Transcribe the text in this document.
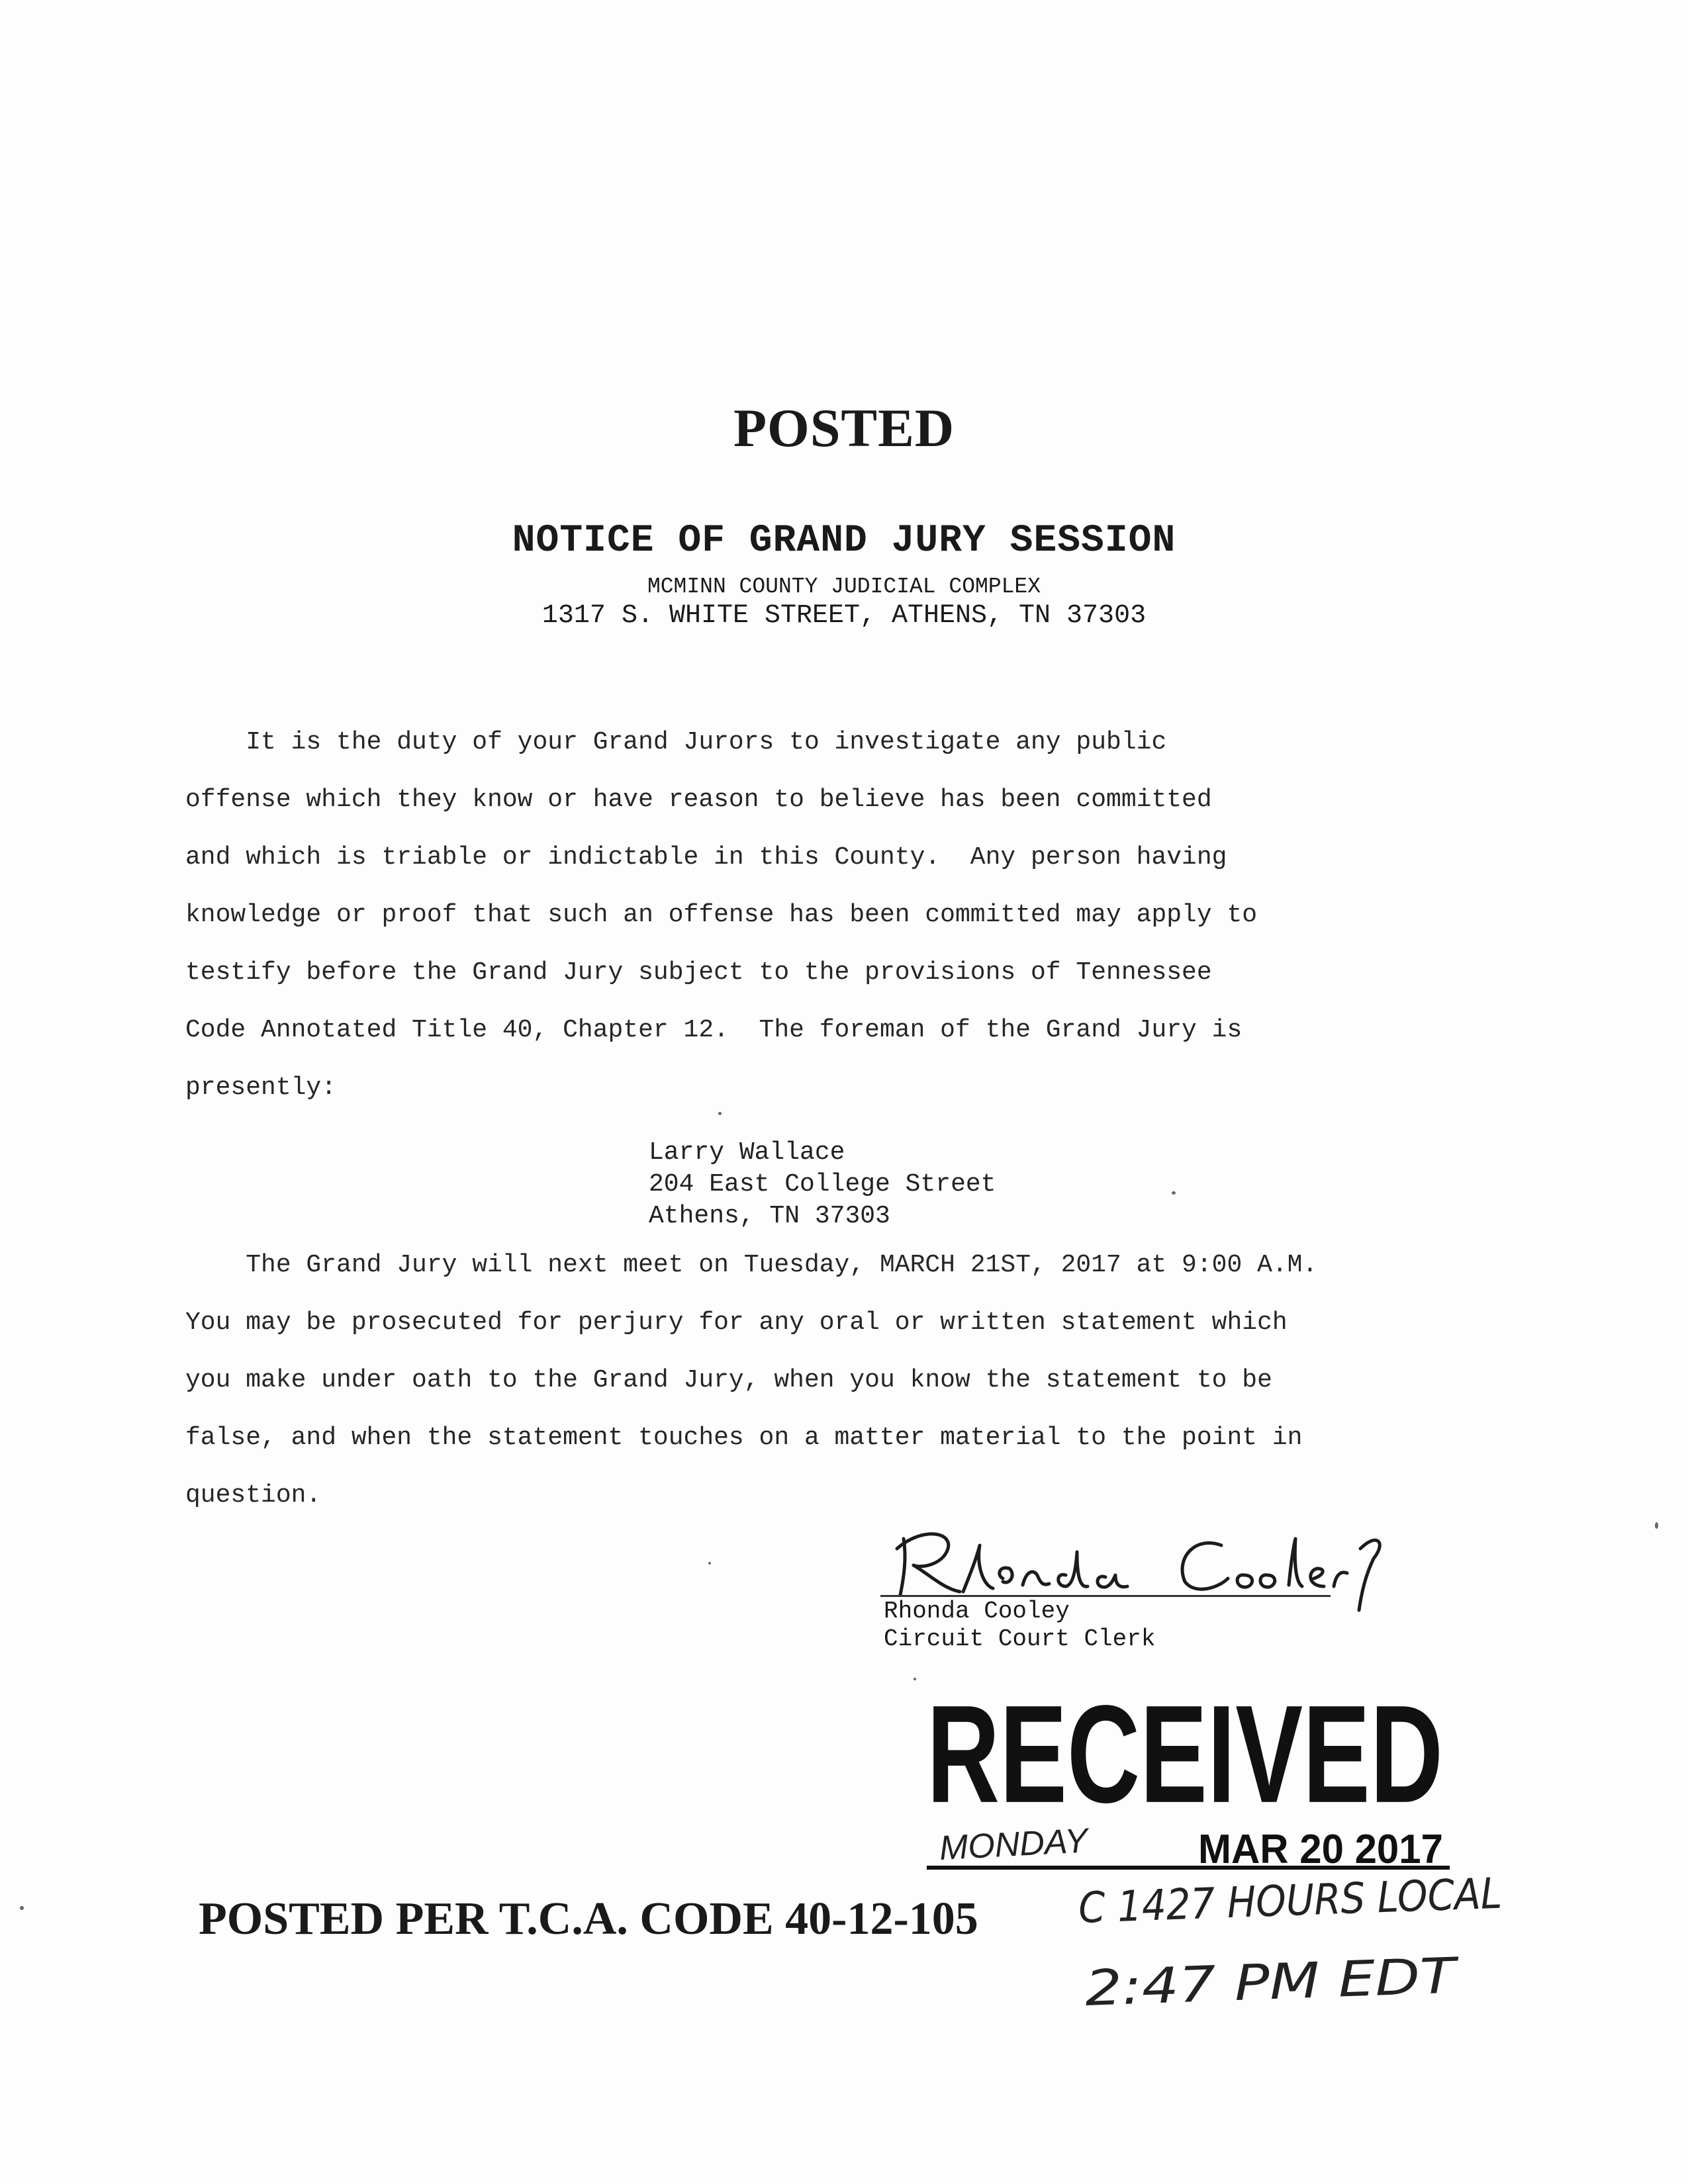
POSTED
NOTICE OF GRAND JURY SESSION
MCMINN COUNTY JUDICIAL COMPLEX
1317 S. WHITE STREET, ATHENS, TN 37303
It is the duty of your Grand Jurors to investigate any public
offense which they know or have reason to believe has been committed
and which is triable or indictable in this County.  Any person having
knowledge or proof that such an offense has been committed may apply to
testify before the Grand Jury subject to the provisions of Tennessee
Code Annotated Title 40, Chapter 12.  The foreman of the Grand Jury is
presently:
Larry Wallace
204 East College Street
Athens, TN 37303
The Grand Jury will next meet on Tuesday, MARCH 21ST, 2017 at 9:00 A.M.
You may be prosecuted for perjury for any oral or written statement which
you make under oath to the Grand Jury, when you know the statement to be
false, and when the statement touches on a matter material to the point in
question.
Rhonda Cooley
Circuit Court Clerk
RECEIVED
MONDAY	MAR 20 2017
POSTED PER T.C.A. CODE 40-12-105 C 1427 HOURS LOCAL
2:47 PM EDT
